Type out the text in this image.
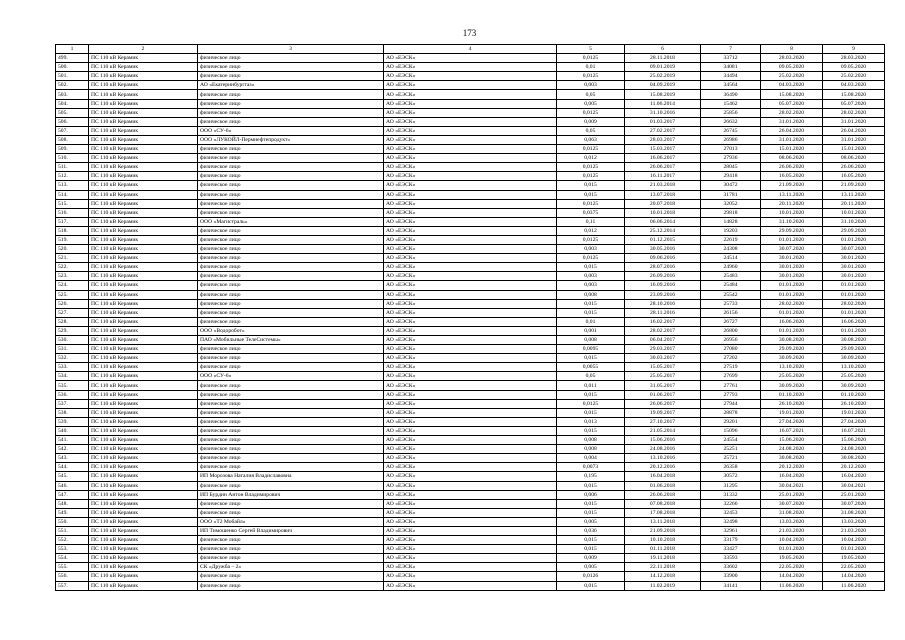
173
1	2	3	4	5	6	7	8	9
499.	ПС 110 кВ Керамик	физическое лицо	АО «ЕЭСК»	0,0125	28.11.2018	33712	28.03.2020	28.03.2020
500.	ПС 110 кВ Керамик	физическое лицо	АО «ЕЭСК»	0,01	09.01.2019	34081	09.05.2020	09.05.2020
501.	ПС 110 кВ Керамик	физическое лицо	АО «ЕЭСК»	0,0125	25.02.2019	34494	25.02.2020	25.02.2020
502.	ПС 110 кВ Керамик	АО «Екатеринбурггаз»	АО «ЕЭСК»	0,003	04.09.2019	34564	04.03.2020	04.03.2020
503.	ПС 110 кВ Керамик	физическое лицо	АО «ЕЭСК»	0,05	15.08.2019	36490	15.08.2020	15.08.2020
504.	ПС 110 кВ Керамик	физическое лицо	АО «ЕЭСК»	0,005	11.06.2014	15462	05.07.2020	05.07.2020
505.	ПС 110 кВ Керамик	физическое лицо	АО «ЕЭСК»	0,0125	31.10.2016	25856	28.02.2020	28.02.2020
506.	ПС 110 кВ Керамик	физическое лицо	АО «ЕЭСК»	0,009	01.03.2017	26632	31.01.2020	31.01.2020
507.	ПС 110 кВ Керамик	ООО «СУ-6»	АО «ЕЭСК»	0,05	27.02.2017	26745	26.04.2020	26.04.2020
508.	ПС 110 кВ Керамик	ООО «ЛУКОЙЛ-Пермнефтепродукт»	АО «ЕЭСК»	0,063	28.03.2017	26986	31.01.2020	31.01.2020
509.	ПС 110 кВ Керамик	физическое лицо	АО «ЕЭСК»	0,0125	15.03.2017	27013	15.01.2020	15.01.2020
510.	ПС 110 кВ Керамик	физическое лицо	АО «ЕЭСК»	0,012	16.06.2017	27936	08.06.2020	08.06.2020
511.	ПС 110 кВ Керамик	физическое лицо	АО «ЕЭСК»	0,0125	26.06.2017	28045	26.06.2020	26.06.2020
512.	ПС 110 кВ Керамик	физическое лицо	АО «ЕЭСК»	0,0125	16.11.2017	29418	16.05.2020	16.05.2020
513.	ПС 110 кВ Керамик	физическое лицо	АО «ЕЭСК»	0,015	21.03.2018	30472	21.09.2020	21.09.2020
514.	ПС 110 кВ Керамик	физическое лицо	АО «ЕЭСК»	0,015	13.07.2018	31781	13.11.2020	13.11.2020
515.	ПС 110 кВ Керамик	физическое лицо	АО «ЕЭСК»	0,0125	20.07.2018	32052	20.11.2020	20.11.2020
516.	ПС 110 кВ Керамик	физическое лицо	АО «ЕЭСК»	0,0375	10.01.2018	29818	10.01.2020	10.01.2020
517.	ПС 110 кВ Керамик	ООО «Магистраль»	АО «ЕЭСК»	0,11	06.06.2014	14828	31.10.2020	31.10.2020
518.	ПС 110 кВ Керамик	физическое лицо	АО «ЕЭСК»	0,012	25.12.2014	19203	29.09.2020	29.09.2020
519.	ПС 110 кВ Керамик	физическое лицо	АО «ЕЭСК»	0,0125	01.12.2015	22619	01.01.2020	01.01.2020
520.	ПС 110 кВ Керамик	физическое лицо	АО «ЕЭСК»	0,003	30.05.2016	24308	30.07.2020	30.07.2020
521.	ПС 110 кВ Керамик	физическое лицо	АО «ЕЭСК»	0,0125	09.06.2016	24514	30.01.2020	30.01.2020
522.	ПС 110 кВ Керамик	физическое лицо	АО «ЕЭСК»	0,015	28.07.2016	24960	30.01.2020	30.01.2020
523.	ПС 110 кВ Керамик	физическое лицо	АО «ЕЭСК»	0,003	26.09.2016	25483	30.01.2020	30.01.2020
524.	ПС 110 кВ Керамик	физическое лицо	АО «ЕЭСК»	0,003	16.09.2016	25484	01.01.2020	01.01.2020
525.	ПС 110 кВ Керамик	физическое лицо	АО «ЕЭСК»	0,008	23.09.2016	25542	01.01.2020	01.01.2020
526.	ПС 110 кВ Керамик	физическое лицо	АО «ЕЭСК»	0,015	28.10.2016	25733	28.02.2020	28.02.2020
527.	ПС 110 кВ Керамик	физическое лицо	АО «ЕЭСК»	0,015	28.11.2016	26156	01.01.2020	01.01.2020
528.	ПС 110 кВ Керамик	физическое лицо	АО «ЕЭСК»	0,01	16.02.2017	26727	16.06.2020	16.06.2020
529.	ПС 110 кВ Керамик	ООО «Водоробот»	АО «ЕЭСК»	0,001	28.02.2017	26800	01.01.2020	01.01.2020
530.	ПС 110 кВ Керамик	ПАО «Мобильные ТелеСистемы»	АО «ЕЭСК»	0,008	06.04.2017	26956	30.08.2020	30.08.2020
531.	ПС 110 кВ Керамик	физическое лицо	АО «ЕЭСК»	0,0095	29.03.2017	27080	29.09.2020	29.09.2020
532.	ПС 110 кВ Керамик	физическое лицо	АО «ЕЭСК»	0,015	30.03.2017	27202	30.09.2020	30.09.2020
533.	ПС 110 кВ Керамик	физическое лицо	АО «ЕЭСК»	0,0055	15.05.2017	27519	13.10.2020	13.10.2020
534.	ПС 110 кВ Керамик	ООО «СУ-6»	АО «ЕЭСК»	0,05	25.05.2017	27699	25.05.2020	25.05.2020
535.	ПС 110 кВ Керамик	физическое лицо	АО «ЕЭСК»	0,011	31.05.2017	27761	30.09.2020	30.09.2020
536.	ПС 110 кВ Керамик	физическое лицо	АО «ЕЭСК»	0,015	01.06.2017	27793	01.10.2020	01.10.2020
537.	ПС 110 кВ Керамик	физическое лицо	АО «ЕЭСК»	0,0125	26.06.2017	27944	26.10.2020	26.10.2020
538.	ПС 110 кВ Керамик	физическое лицо	АО «ЕЭСК»	0,015	19.09.2017	28878	19.01.2020	19.01.2020
539.	ПС 110 кВ Керамик	физическое лицо	АО «ЕЭСК»	0,013	27.10.2017	29201	27.04.2020	27.04.2020
540.	ПС 110 кВ Керамик	физическое лицо	АО «ЕЭСК»	0,015	21.05.2014	15096	16.07.2021	16.07.2021
541.	ПС 110 кВ Керамик	физическое лицо	АО «ЕЭСК»	0,008	15.06.2016	24554	15.06.2020	15.06.2020
542.	ПС 110 кВ Керамик	физическое лицо	АО «ЕЭСК»	0,008	24.08.2016	25251	24.08.2020	24.08.2020
543.	ПС 110 кВ Керамик	физическое лицо	АО «ЕЭСК»	0,004	13.10.2016	25721	30.08.2020	30.08.2020
544.	ПС 110 кВ Керамик	физическое лицо	АО «ЕЭСК»	0,0073	20.12.2016	26358	20.12.2020	20.12.2020
545.	ПС 110 кВ Керамик	ИП Морозова Наталия Владиславовна	АО «ЕЭСК»	0,195	16.04.2018	30572	16.04.2020	16.04.2020
546.	ПС 110 кВ Керамик	физическое лицо	АО «ЕЭСК»	0,015	01.06.2018	31295	30.04.2021	30.04.2021
547.	ПС 110 кВ Керамик	ИП Бурдин Антон Владимирович	АО «ЕЭСК»	0,006	26.06.2018	31332	25.01.2020	25.01.2020
548.	ПС 110 кВ Керамик	физическое лицо	АО «ЕЭСК»	0,015	07.08.2018	32266	30.07.2020	30.07.2020
549.	ПС 110 кВ Керамик	физическое лицо	АО «ЕЭСК»	0,015	17.08.2018	32453	31.08.2020	31.08.2020
550.	ПС 110 кВ Керамик	ООО «Т2 Мобайл»	АО «ЕЭСК»	0,005	13.11.2018	32498	13.03.2020	13.03.2020
551.	ПС 110 кВ Керамик	ИП Тимошенко Сергей Владимирович	АО «ЕЭСК»	0,036	21.09.2018	32961	21.03.2020	21.03.2020
552.	ПС 110 кВ Керамик	физическое лицо	АО «ЕЭСК»	0,015	10.10.2018	33179	10.04.2020	10.04.2020
553.	ПС 110 кВ Керамик	физическое лицо	АО «ЕЭСК»	0,015	01.11.2018	33427	01.01.2020	01.01.2020
554.	ПС 110 кВ Керамик	физическое лицо	АО «ЕЭСК»	0,009	19.11.2018	33593	19.05.2020	19.05.2020
555.	ПС 110 кВ Керамик	СК «Дружба – 2»	АО «ЕЭСК»	0,005	22.11.2018	33602	22.05.2020	22.05.2020
556.	ПС 110 кВ Керамик	физическое лицо	АО «ЕЭСК»	0,0126	14.12.2018	33900	14.04.2020	14.04.2020
557.	ПС 110 кВ Керамик	физическое лицо	АО «ЕЭСК»	0,015	11.02.2019	34141	11.06.2020	11.06.2020
